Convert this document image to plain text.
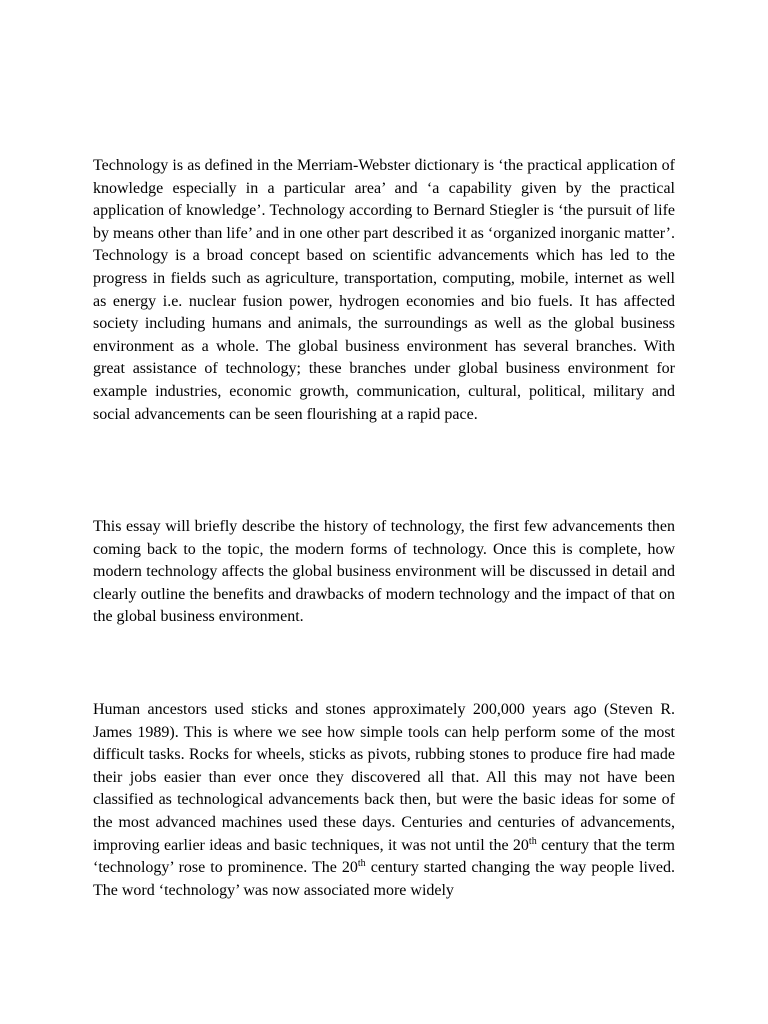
Technology is as defined in the Merriam-Webster dictionary is ‘the practical application of knowledge especially in a particular area’ and ‘a capability given by the practical application of knowledge’. Technology according to Bernard Stiegler is ‘the pursuit of life by means other than life’ and in one other part described it as ‘organized inorganic matter’. Technology is a broad concept based on scientific advancements which has led to the progress in fields such as agriculture, transportation, computing, mobile, internet as well as energy i.e. nuclear fusion power, hydrogen economies and bio fuels. It has affected society including humans and animals, the surroundings as well as the global business environment as a whole. The global business environment has several branches. With great assistance of technology; these branches under global business environment for example industries, economic growth, communication, cultural, political, military and social advancements can be seen flourishing at a rapid pace.

This essay will briefly describe the history of technology, the first few advancements then coming back to the topic, the modern forms of technology. Once this is complete, how modern technology affects the global business environment will be discussed in detail and clearly outline the benefits and drawbacks of modern technology and the impact of that on the global business environment.

Human ancestors used sticks and stones approximately 200,000 years ago (Steven R. James 1989). This is where we see how simple tools can help perform some of the most difficult tasks. Rocks for wheels, sticks as pivots, rubbing stones to produce fire had made their jobs easier than ever once they discovered all that. All this may not have been classified as technological advancements back then, but were the basic ideas for some of the most advanced machines used these days. Centuries and centuries of advancements, improving earlier ideas and basic techniques, it was not until the 20th century that the term ‘technology’ rose to prominence. The 20th century started changing the way people lived. The word ‘technology’ was now associated more widely
